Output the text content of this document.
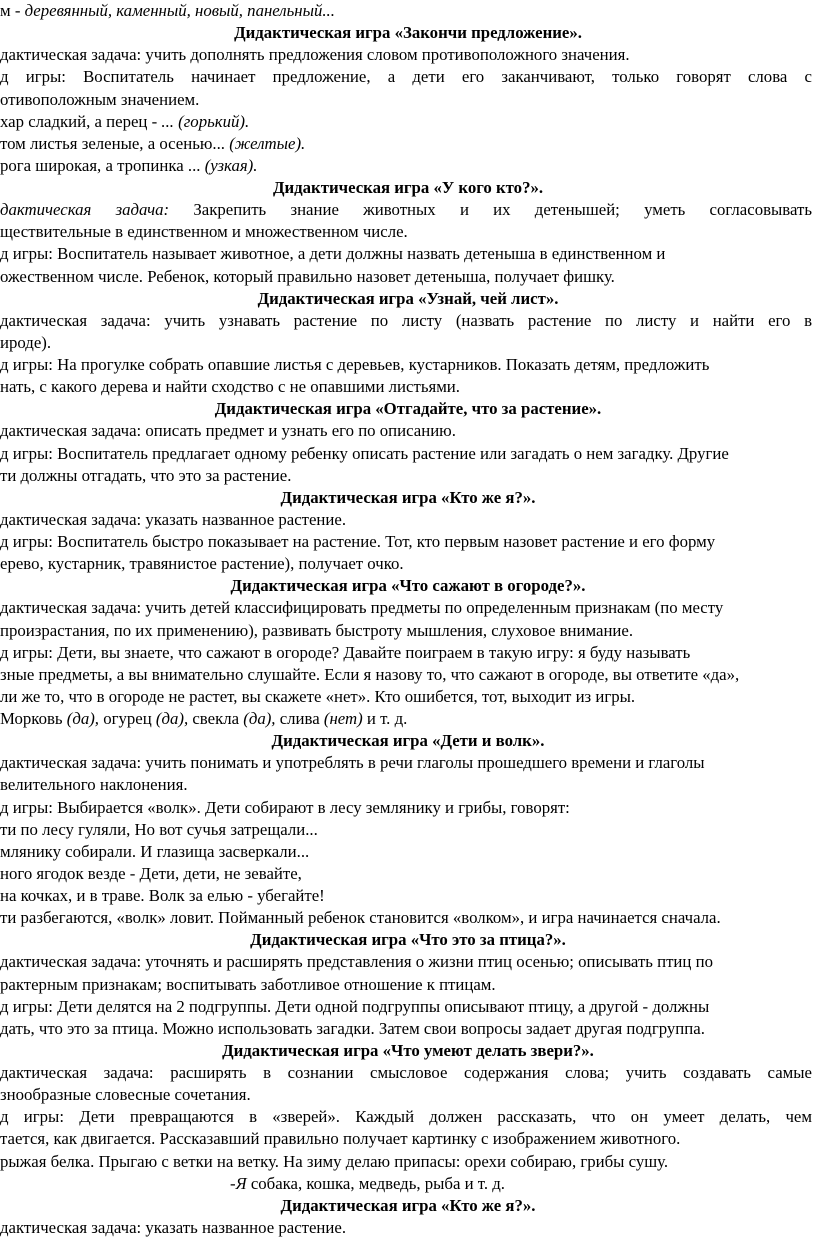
м - деревянный, каменный, новый, панельный...
Дидактическая игра «Закончи предложение».
дактическая задача: учить дополнять предложения словом противоположного значения.
д игры: Воспитатель начинает предложение, а дети его заканчивают, только говорят слова с
отивоположным значением.
хар сладкий, а перец - ... (горький).
том листья зеленые, а осенью... (желтые).
рога широкая, а тропинка ... (узкая).
Дидактическая игра «У кого кто?».
дактическая задача: Закрепить знание животных и их детенышей; уметь согласовывать
ществительные в единственном и множественном числе.
д игры: Воспитатель называет животное, а дети должны назвать детеныша в единственном и
ожественном числе. Ребенок, который правильно назовет детеныша, получает фишку.
Дидактическая игра «Узнай, чей лист».
дактическая задача: учить узнавать растение по листу (назвать растение по листу и найти его в
ироде).
д игры: На прогулке собрать опавшие листья с деревьев, кустарников. Показать детям, предложить
нать, с какого дерева и найти сходство с не опавшими листьями.
Дидактическая игра «Отгадайте, что за растение».
дактическая задача: описать предмет и узнать его по описанию.
д игры: Воспитатель предлагает одному ребенку описать растение или загадать о нем загадку. Другие
ти должны отгадать, что это за растение.
Дидактическая игра «Кто же я?».
дактическая задача: указать названное растение.
д игры: Воспитатель быстро показывает на растение. Тот, кто первым назовет растение и его форму
ерево, кустарник, травянистое растение), получает очко.
Дидактическая игра «Что сажают в огороде?».
дактическая задача: учить детей классифицировать предметы по определенным признакам (по месту
произрастания, по их применению), развивать быстроту мышления, слуховое внимание.
д игры: Дети, вы знаете, что сажают в огороде? Давайте поиграем в такую игру: я буду называть
зные предметы, а вы внимательно слушайте. Если я назову то, что сажают в огороде, вы ответите «да»,
ли же то, что в огороде не растет, вы скажете «нет». Кто ошибется, тот, выходит из игры.
Морковь (да), огурец (да), свекла (да), слива (нет) и т. д.
Дидактическая игра «Дети и волк».
дактическая задача: учить понимать и употреблять в речи глаголы прошедшего времени и глаголы
велительного наклонения.
д игры: Выбирается «волк». Дети собирают в лесу землянику и грибы, говорят:
ти по лесу гуляли, Но вот сучья затрещали...
млянику собирали. И глазища засверкали...
ного ягодок везде - Дети, дети, не зевайте,
на кочках, и в траве. Волк за елью - убегайте!
ти разбегаются, «волк» ловит. Пойманный ребенок становится «волком», и игра начинается сначала.
Дидактическая игра «Что это за птица?».
дактическая задача: уточнять и расширять представления о жизни птиц осенью; описывать птиц по
рактерным признакам; воспитывать заботливое отношение к птицам.
д игры: Дети делятся на 2 подгруппы. Дети одной подгруппы описывают птицу, а другой - должны
дать, что это за птица. Можно использовать загадки. Затем свои вопросы задает другая подгруппа.
Дидактическая игра «Что умеют делать звери?».
дактическая задача: расширять в сознании смысловое содержания слова; учить создавать самые
знообразные словесные сочетания.
д игры: Дети превращаются в «зверей». Каждый должен рассказать, что он умеет делать, чем
тается, как двигается. Рассказавший правильно получает картинку с изображением животного.
рыжая белка. Прыгаю с ветки на ветку. На зиму делаю припасы: орехи собираю, грибы сушу.
-Я собака, кошка, медведь, рыба и т. д.
Дидактическая игра «Кто же я?».
дактическая задача: указать названное растение.
